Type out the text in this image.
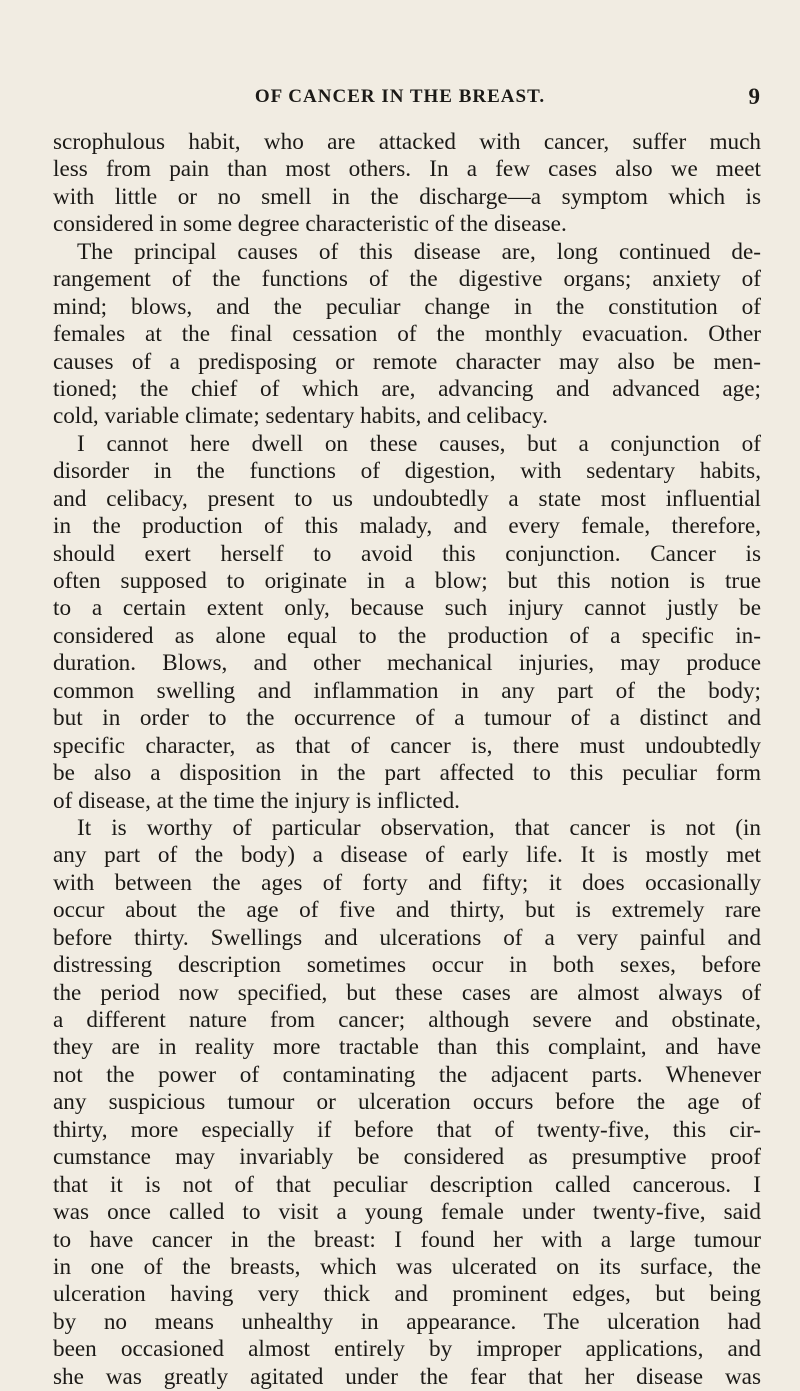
OF CANCER IN THE BREAST.	9
scrophulous habit, who are attacked with cancer, suffer much
less from pain than most others. In a few cases also we meet
with little or no smell in the discharge—a symptom which is
considered in some degree characteristic of the disease.
The principal causes of this disease are, long continued de-
rangement of the functions of the digestive organs; anxiety of
mind; blows, and the peculiar change in the constitution of
females at the final cessation of the monthly evacuation. Other
causes of a predisposing or remote character may also be men-
tioned; the chief of which are, advancing and advanced age;
cold, variable climate; sedentary habits, and celibacy.
I cannot here dwell on these causes, but a conjunction of
disorder in the functions of digestion, with sedentary habits,
and celibacy, present to us undoubtedly a state most influential
in the production of this malady, and every female, therefore,
should exert herself to avoid this conjunction. Cancer is
often supposed to originate in a blow; but this notion is true
to a certain extent only, because such injury cannot justly be
considered as alone equal to the production of a specific in-
duration. Blows, and other mechanical injuries, may produce
common swelling and inflammation in any part of the body;
but in order to the occurrence of a tumour of a distinct and
specific character, as that of cancer is, there must undoubtedly
be also a disposition in the part affected to this peculiar form
of disease, at the time the injury is inflicted.
It is worthy of particular observation, that cancer is not (in
any part of the body) a disease of early life. It is mostly met
with between the ages of forty and fifty; it does occasionally
occur about the age of five and thirty, but is extremely rare
before thirty. Swellings and ulcerations of a very painful and
distressing description sometimes occur in both sexes, before
the period now specified, but these cases are almost always of
a different nature from cancer; although severe and obstinate,
they are in reality more tractable than this complaint, and have
not the power of contaminating the adjacent parts. Whenever
any suspicious tumour or ulceration occurs before the age of
thirty, more especially if before that of twenty-five, this cir-
cumstance may invariably be considered as presumptive proof
that it is not of that peculiar description called cancerous. I
was once called to visit a young female under twenty-five, said
to have cancer in the breast: I found her with a large tumour
in one of the breasts, which was ulcerated on its surface, the
ulceration having very thick and prominent edges, but being
by no means unhealthy in appearance. The ulceration had
been occasioned almost entirely by improper applications, and
she was greatly agitated under the fear that her disease was
